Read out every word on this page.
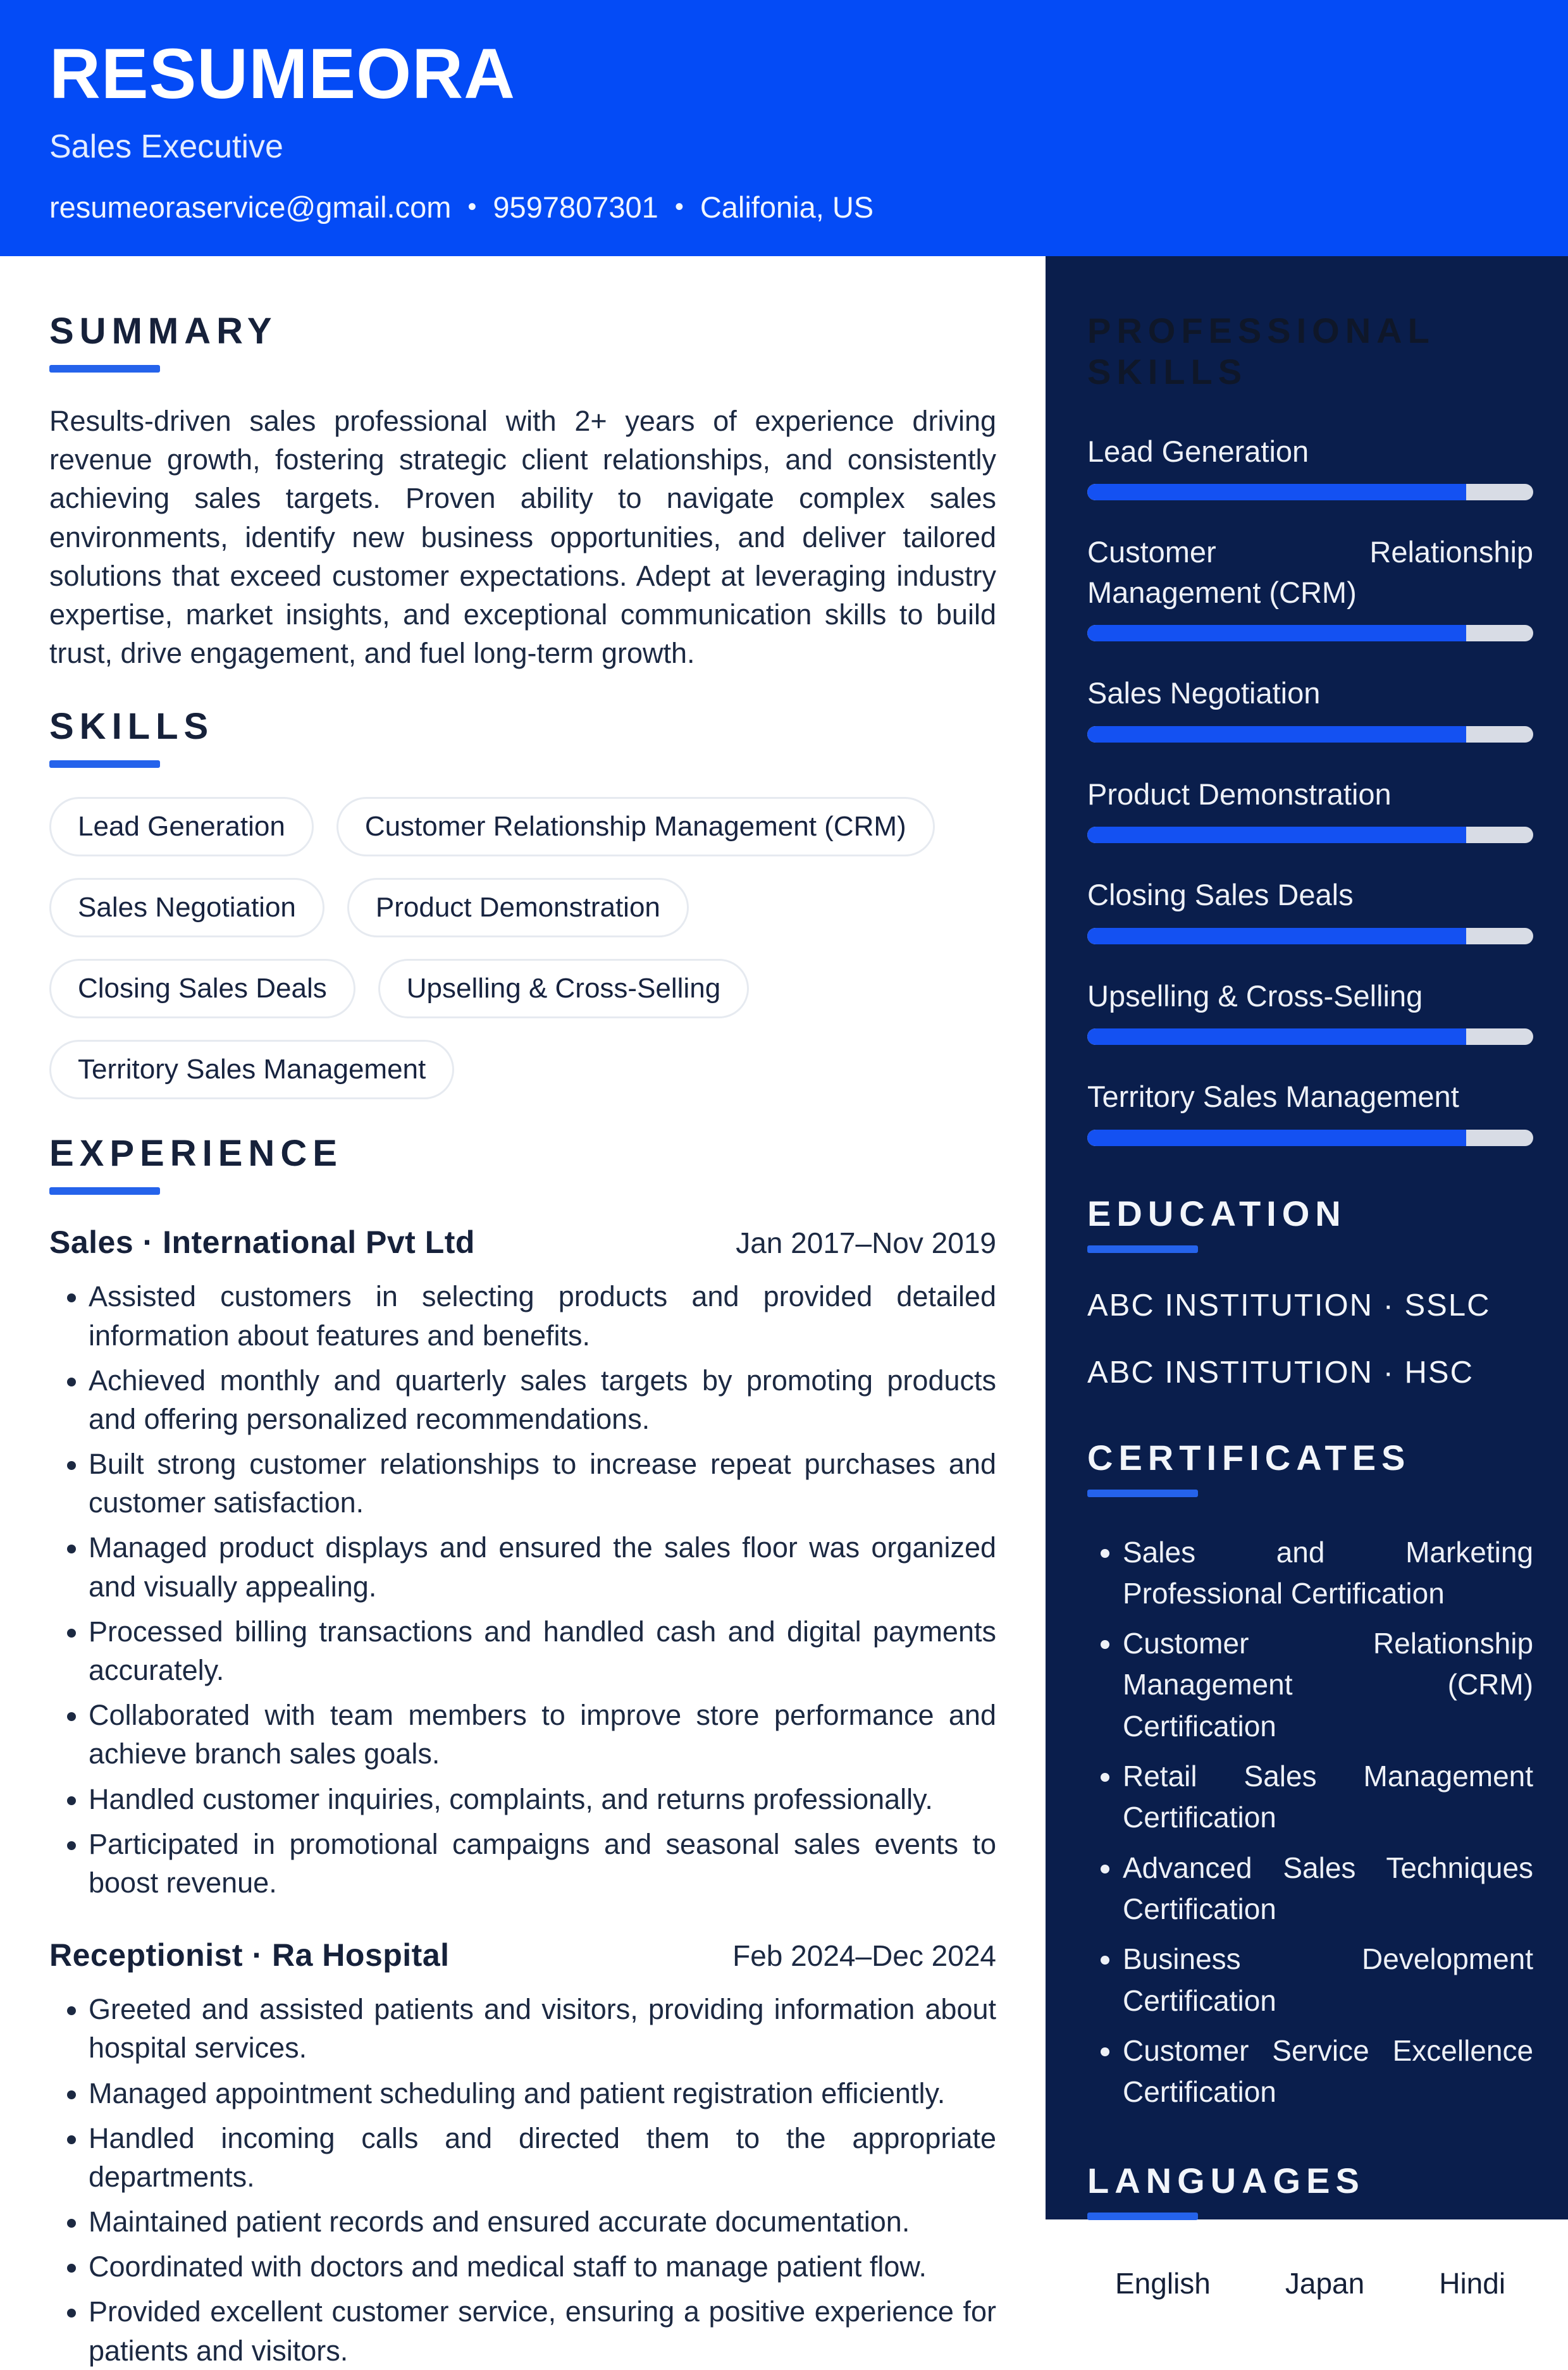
RESUMEORA
Sales Executive
resumeoraservice@gmail.com • 9597807301 • Califonia, US
SUMMARY

Results-driven sales professional with 2+ years of experience driving revenue growth, fostering strategic client relationships, and consistently achieving sales targets. Proven ability to navigate complex sales environments, identify new business opportunities, and deliver tailored solutions that exceed customer expectations. Adept at leveraging industry expertise, market insights, and exceptional communication skills to build trust, drive engagement, and fuel long-term growth.

SKILLS
Lead Generation	Customer Relationship Management (CRM)
Sales Negotiation	Product Demonstration
Closing Sales Deals	Upselling & Cross-Selling
Territory Sales Management
EXPERIENCE
Sales · International Pvt Ltd	Jan 2017–Nov 2019
• Assisted customers in selecting products and provided detailed information about features and benefits.
• Achieved monthly and quarterly sales targets by promoting products and offering personalized recommendations.
• Built strong customer relationships to increase repeat purchases and customer satisfaction.
• Managed product displays and ensured the sales floor was organized and visually appealing.
• Processed billing transactions and handled cash and digital payments accurately.
• Collaborated with team members to improve store performance and achieve branch sales goals.
• Handled customer inquiries, complaints, and returns professionally.
• Participated in promotional campaigns and seasonal sales events to boost revenue.
Receptionist · Ra Hospital	Feb 2024–Dec 2024
• Greeted and assisted patients and visitors, providing information about hospital services.
• Managed appointment scheduling and patient registration efficiently.
• Handled incoming calls and directed them to the appropriate departments.
• Maintained patient records and ensured accurate documentation.
• Coordinated with doctors and medical staff to manage patient flow.
• Provided excellent customer service, ensuring a positive experience for patients and visitors.
PROFESSIONAL SKILLS
Lead Generation
Customer Relationship Management (CRM)
Sales Negotiation
Product Demonstration
Closing Sales Deals
Upselling & Cross-Selling
Territory Sales Management
EDUCATION
ABC INSTITUTION · SSLC
ABC INSTITUTION · HSC
CERTIFICATES
• Sales and Marketing Professional Certification
• Customer Relationship Management (CRM) Certification
• Retail Sales Management Certification
• Advanced Sales Techniques Certification
• Business Development Certification
• Customer Service Excellence Certification
LANGUAGES
English	Japan	Hindi
